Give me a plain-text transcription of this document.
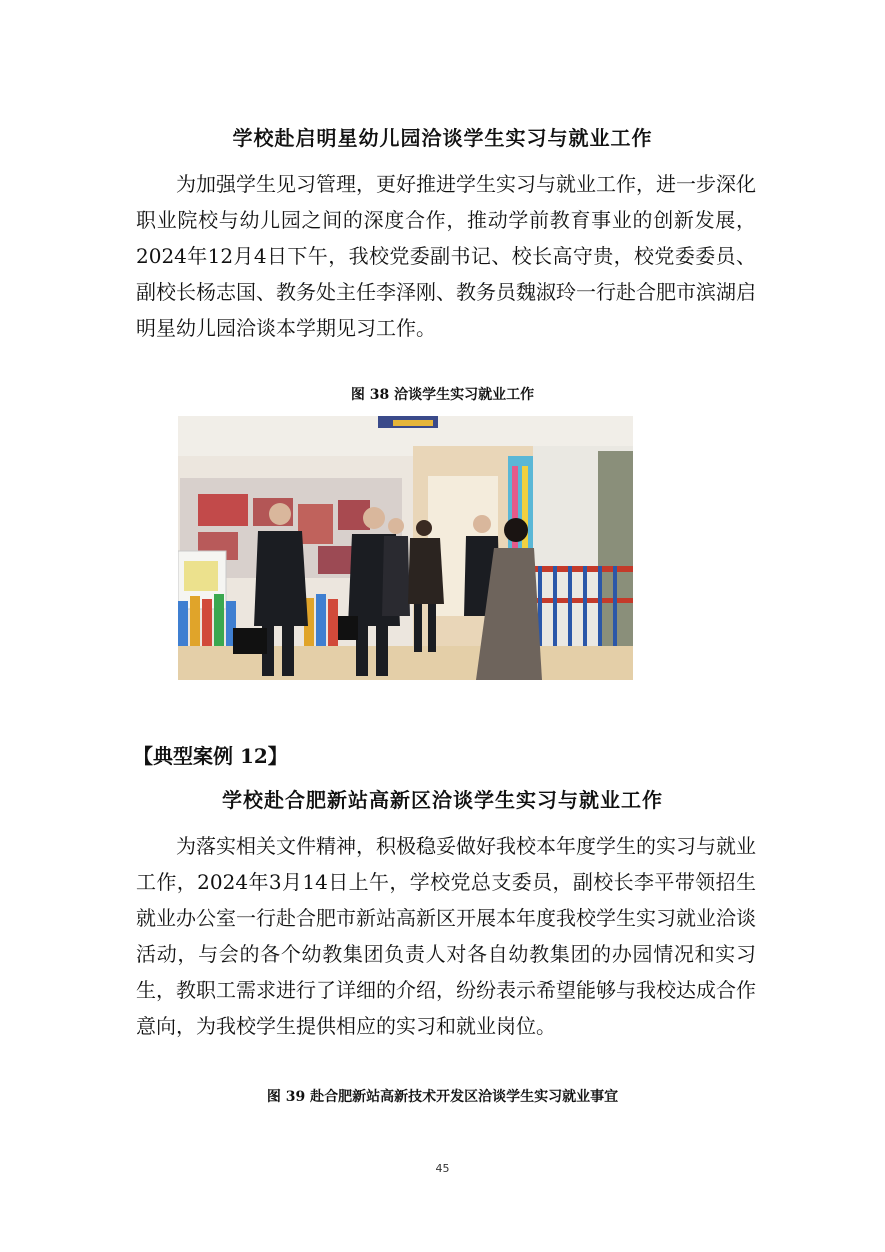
学校赴启明星幼儿园洽谈学生实习与就业工作
为加强学生见习管理，更好推进学生实习与就业工作，进一步深化职业院校与幼儿园之间的深度合作，推动学前教育事业的创新发展，2024年12月4日下午，我校党委副书记、校长高守贵，校党委委员、副校长杨志国、教务处主任李泽刚、教务员魏淑玲一行赴合肥市滨湖启明星幼儿园洽谈本学期见习工作。
图 38 洽谈学生实习就业工作
【典型案例 12】
学校赴合肥新站高新区洽谈学生实习与就业工作
为落实相关文件精神，积极稳妥做好我校本年度学生的实习与就业工作，2024年3月14日上午，学校党总支委员，副校长李平带领招生就业办公室一行赴合肥市新站高新区开展本年度我校学生实习就业洽谈活动，与会的各个幼教集团负责人对各自幼教集团的办园情况和实习生，教职工需求进行了详细的介绍，纷纷表示希望能够与我校达成合作意向，为我校学生提供相应的实习和就业岗位。
图 39 赴合肥新站高新技术开发区洽谈学生实习就业事宜
45
